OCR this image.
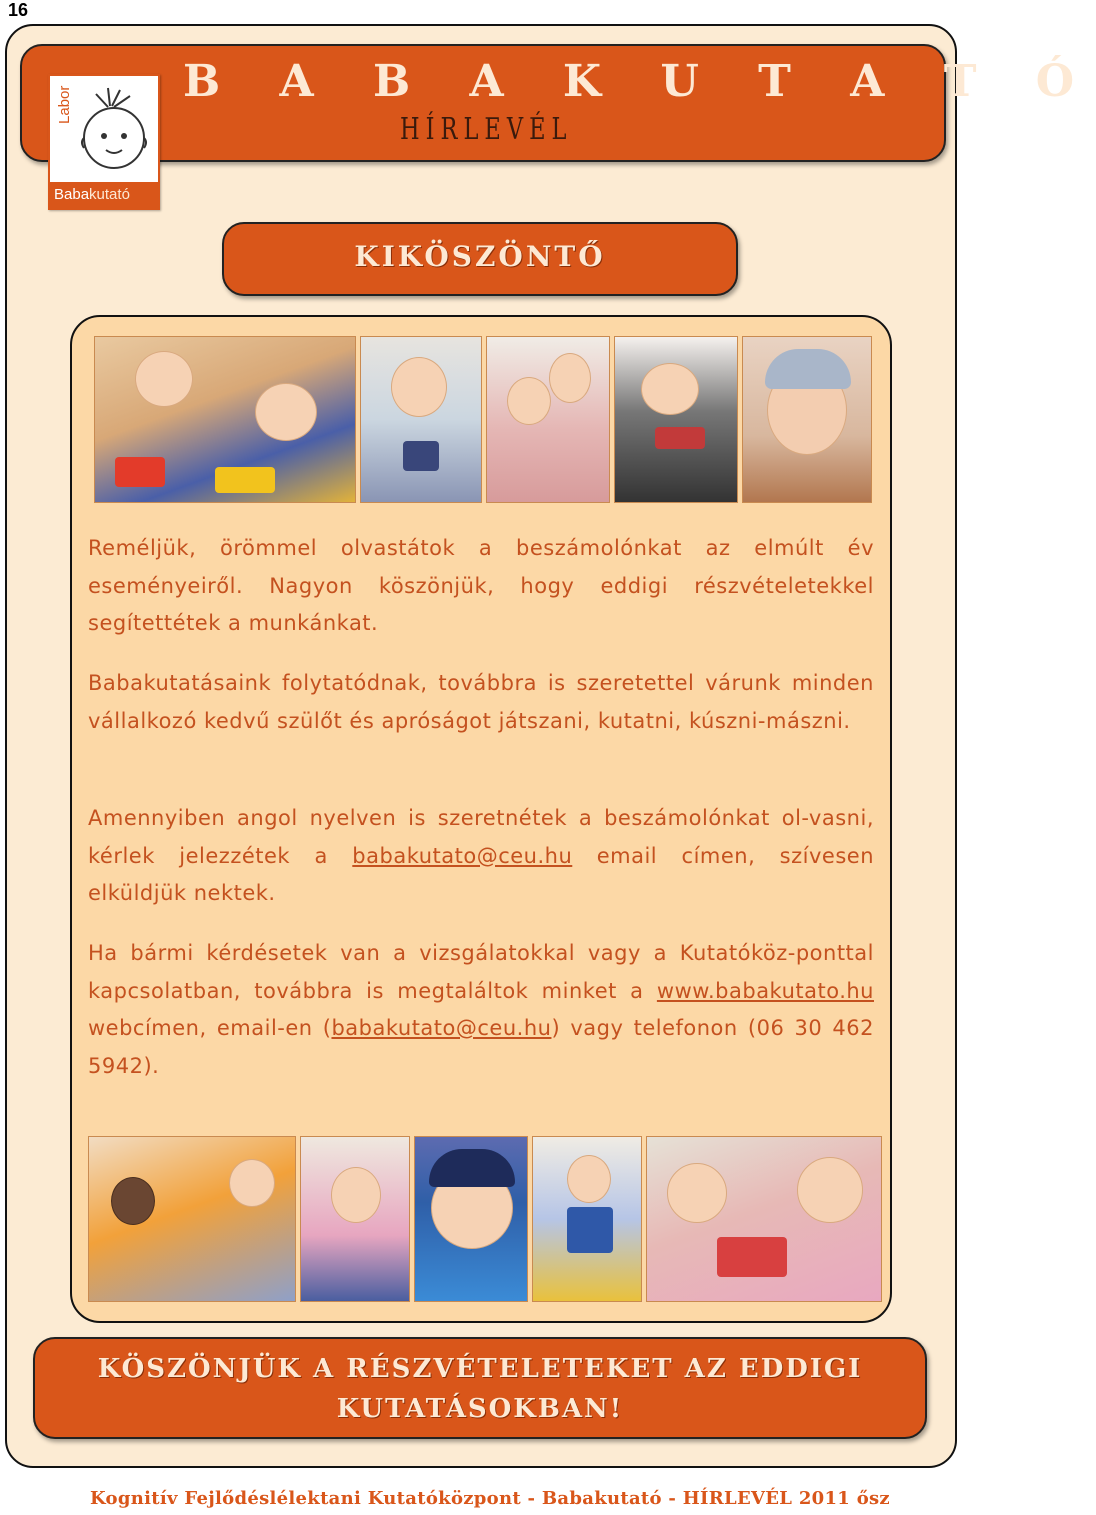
16
B A B A K U T A T Ó
HÍRLEVÉL
Labor
Babakutató
KIKÖSZÖNTŐ
Reméljük, örömmel olvastátok a beszámolónkat az elmúlt év eseményeiről. Nagyon köszönjük, hogy eddigi részvételetekkel segítettétek a munkánkat.
Babakutatásaink folytatódnak, továbbra is szeretettel várunk minden vállalkozó kedvű szülőt és apróságot játszani, kutatni, kúszni-mászni.
Amennyiben angol nyelven is szeretnétek a beszámolónkat ol-vasni, kérlek jelezzétek a babakutato@ceu.hu email címen, szívesen elküldjük nektek.
Ha bármi kérdésetek van a vizsgálatokkal vagy a Kutatóköz-ponttal kapcsolatban, továbbra is megtaláltok minket a www.babakutato.hu webcímen, email-en (babakutato@ceu.hu) vagy telefonon (06 30 462 5942).
KÖSZÖNJÜK A RÉSZVÉTELETEKET AZ EDDIGI
KUTATÁSOKBAN!
Kognitív Fejlődéslélektani Kutatóközpont - Babakutató - HÍRLEVÉL 2011 ősz
